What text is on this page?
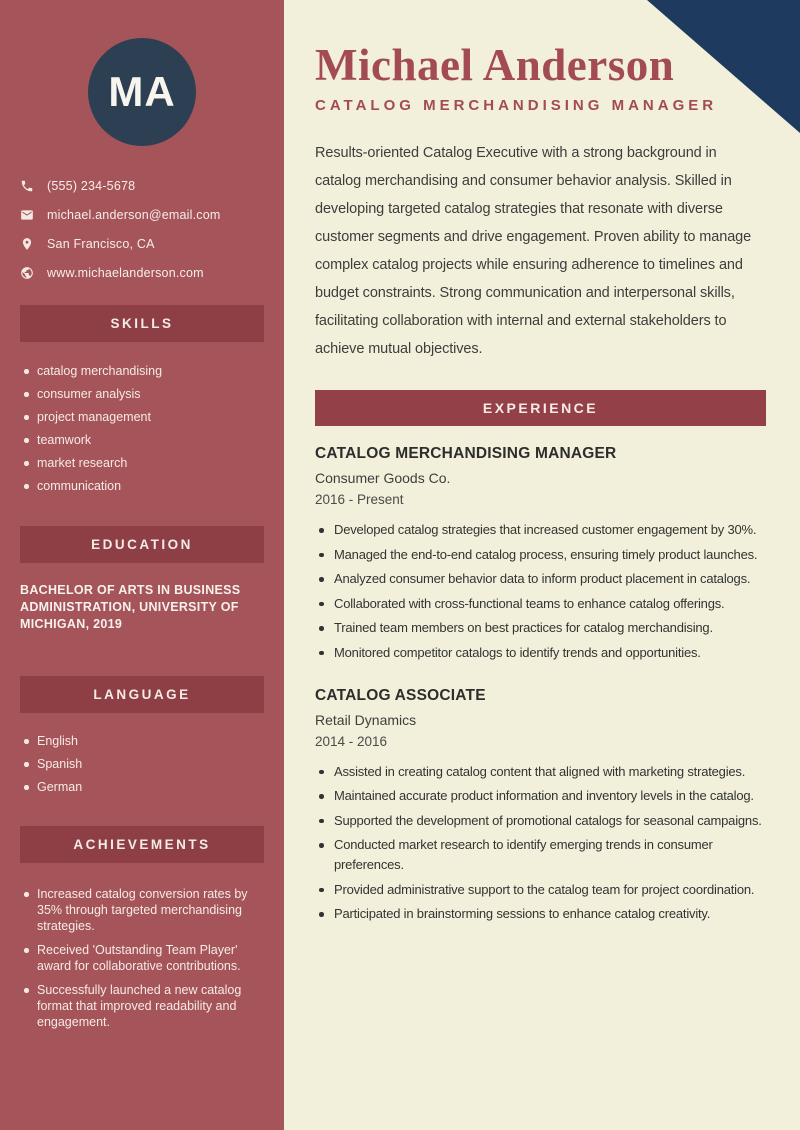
MA
(555) 234-5678
michael.anderson@email.com
San Francisco, CA
www.michaelanderson.com
SKILLS
catalog merchandising
consumer analysis
project management
teamwork
market research
communication
EDUCATION
BACHELOR OF ARTS IN BUSINESS ADMINISTRATION, UNIVERSITY OF MICHIGAN, 2019
LANGUAGE
English
Spanish
German
ACHIEVEMENTS
Increased catalog conversion rates by 35% through targeted merchandising strategies.
Received 'Outstanding Team Player' award for collaborative contributions.
Successfully launched a new catalog format that improved readability and engagement.
Michael Anderson
CATALOG MERCHANDISING MANAGER

Results-oriented Catalog Executive with a strong background in catalog merchandising and consumer behavior analysis. Skilled in developing targeted catalog strategies that resonate with diverse customer segments and drive engagement. Proven ability to manage complex catalog projects while ensuring adherence to timelines and budget constraints. Strong communication and interpersonal skills, facilitating collaboration with internal and external stakeholders to achieve mutual objectives.

EXPERIENCE
CATALOG MERCHANDISING MANAGER
Consumer Goods Co.
2016 - Present
Developed catalog strategies that increased customer engagement by 30%.
Managed the end-to-end catalog process, ensuring timely product launches.
Analyzed consumer behavior data to inform product placement in catalogs.
Collaborated with cross-functional teams to enhance catalog offerings.
Trained team members on best practices for catalog merchandising.
Monitored competitor catalogs to identify trends and opportunities.
CATALOG ASSOCIATE
Retail Dynamics
2014 - 2016
Assisted in creating catalog content that aligned with marketing strategies.
Maintained accurate product information and inventory levels in the catalog.
Supported the development of promotional catalogs for seasonal campaigns.
Conducted market research to identify emerging trends in consumer preferences.
Provided administrative support to the catalog team for project coordination.
Participated in brainstorming sessions to enhance catalog creativity.
